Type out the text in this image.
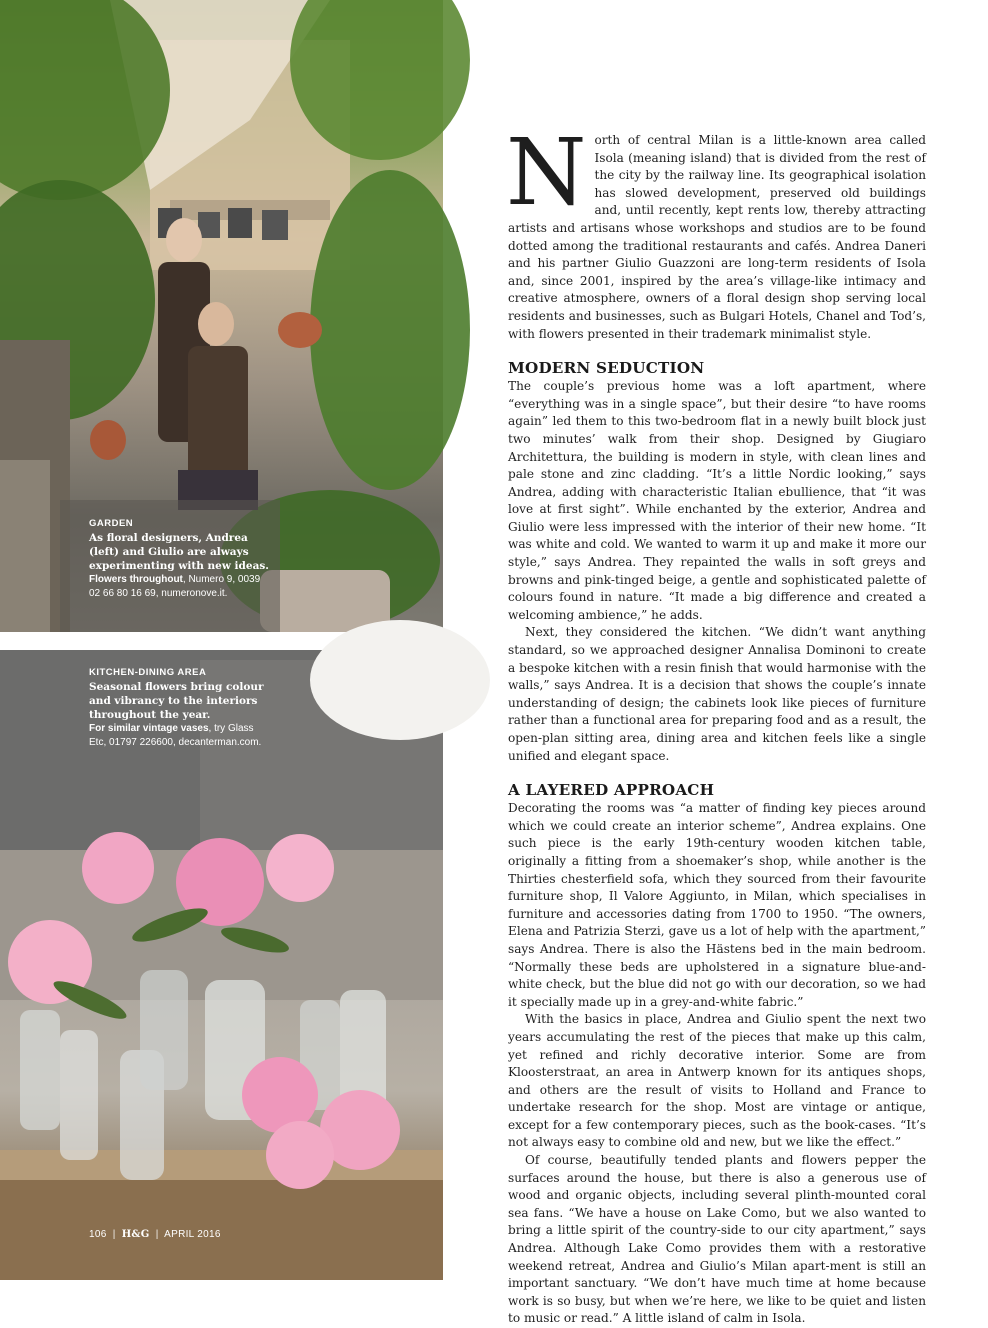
GARDEN
As floral designers, Andrea (left) and Giulio are always experimenting with new ideas.
Flowers throughout, Numero 9, 0039 02 66 80 16 69, numeronove.it.
KITCHEN-DINING AREA
Seasonal flowers bring colour and vibrancy to the interiors throughout the year.
For similar vintage vases, try Glass Etc, 01797 226600, decanterman.com.
106 | H&G | APRIL 2016

North of central Milan is a little-known area called Isola (meaning island) that is divided from the rest of the city by the railway line. Its geographical isolation has slowed development, preserved old buildings and, until recently, kept rents low, thereby attracting artists and artisans whose workshops and studios are to be found dotted among the traditional restaurants and cafés. Andrea Daneri and his partner Giulio Guazzoni are long-term residents of Isola and, since 2001, inspired by the area’s village-like intimacy and creative atmosphere, owners of a floral design shop serving local residents and businesses, such as Bulgari Hotels, Chanel and Tod’s, with flowers presented in their trademark minimalist style.

MODERN SEDUCTION

The couple’s previous home was a loft apartment, where “everything was in a single space”, but their desire “to have rooms again” led them to this two-bedroom flat in a newly built block just two minutes’ walk from their shop. Designed by Giugiaro Architettura, the building is modern in style, with clean lines and pale stone and zinc cladding. “It’s a little Nordic looking,” says Andrea, adding with characteristic Italian ebullience, that “it was love at first sight”. While enchanted by the exterior, Andrea and Giulio were less impressed with the interior of their new home. “It was white and cold. We wanted to warm it up and make it more our style,” says Andrea. They repainted the walls in soft greys and browns and pink-tinged beige, a gentle and sophisticated palette of colours found in nature. “It made a big difference and created a welcoming ambience,” he adds.

Next, they considered the kitchen. “We didn’t want anything standard, so we approached designer Annalisa Dominoni to create a bespoke kitchen with a resin finish that would harmonise with the walls,” says Andrea. It is a decision that shows the couple’s innate understanding of design; the cabinets look like pieces of furniture rather than a functional area for preparing food and as a result, the open-plan sitting area, dining area and kitchen feels like a single unified and elegant space.

A LAYERED APPROACH

Decorating the rooms was “a matter of finding key pieces around which we could create an interior scheme”, Andrea explains. One such piece is the early 19th-century wooden kitchen table, originally a fitting from a shoemaker’s shop, while another is the Thirties chesterfield sofa, which they sourced from their favourite furniture shop, Il Valore Aggiunto, in Milan, which specialises in furniture and accessories dating from 1700 to 1950. “The owners, Elena and Patrizia Sterzi, gave us a lot of help with the apartment,” says Andrea. There is also the Hästens bed in the main bedroom. “Normally these beds are upholstered in a signature blue-and-white check, but the blue did not go with our decoration, so we had it specially made up in a grey-and-white fabric.”

With the basics in place, Andrea and Giulio spent the next two years accumulating the rest of the pieces that make up this calm, yet refined and richly decorative interior. Some are from Kloosterstraat, an area in Antwerp known for its antiques shops, and others are the result of visits to Holland and France to undertake research for the shop. Most are vintage or antique, except for a few contemporary pieces, such as the book-cases. “It’s not always easy to combine old and new, but we like the effect.”

Of course, beautifully tended plants and flowers pepper the surfaces around the house, but there is also a generous use of wood and organic objects, including several plinth-mounted coral sea fans. “We have a house on Lake Como, but we also wanted to bring a little spirit of the country-side to our city apartment,” says Andrea. Although Lake Como provides them with a restorative weekend retreat, Andrea and Giulio’s Milan apart-ment is still an important sanctuary. “We don’t have much time at home because work is so busy, but when we’re here, we like to be quiet and listen to music or read.” A little island of calm in Isola.
